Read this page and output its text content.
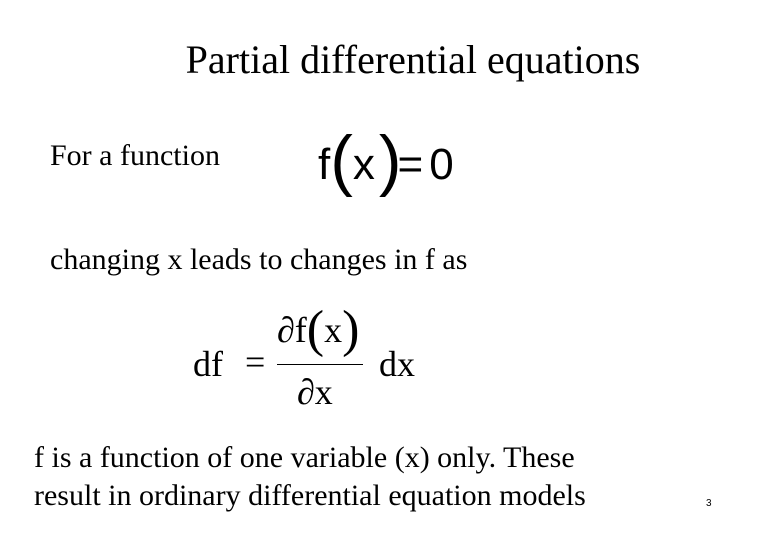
Partial differential equations
For a function f(x)= 0
changing x leads to changes in f as
df =
∂f(x)
∂x
dx
f is a function of one variable (x) only. These
result in ordinary differential equation models	3
